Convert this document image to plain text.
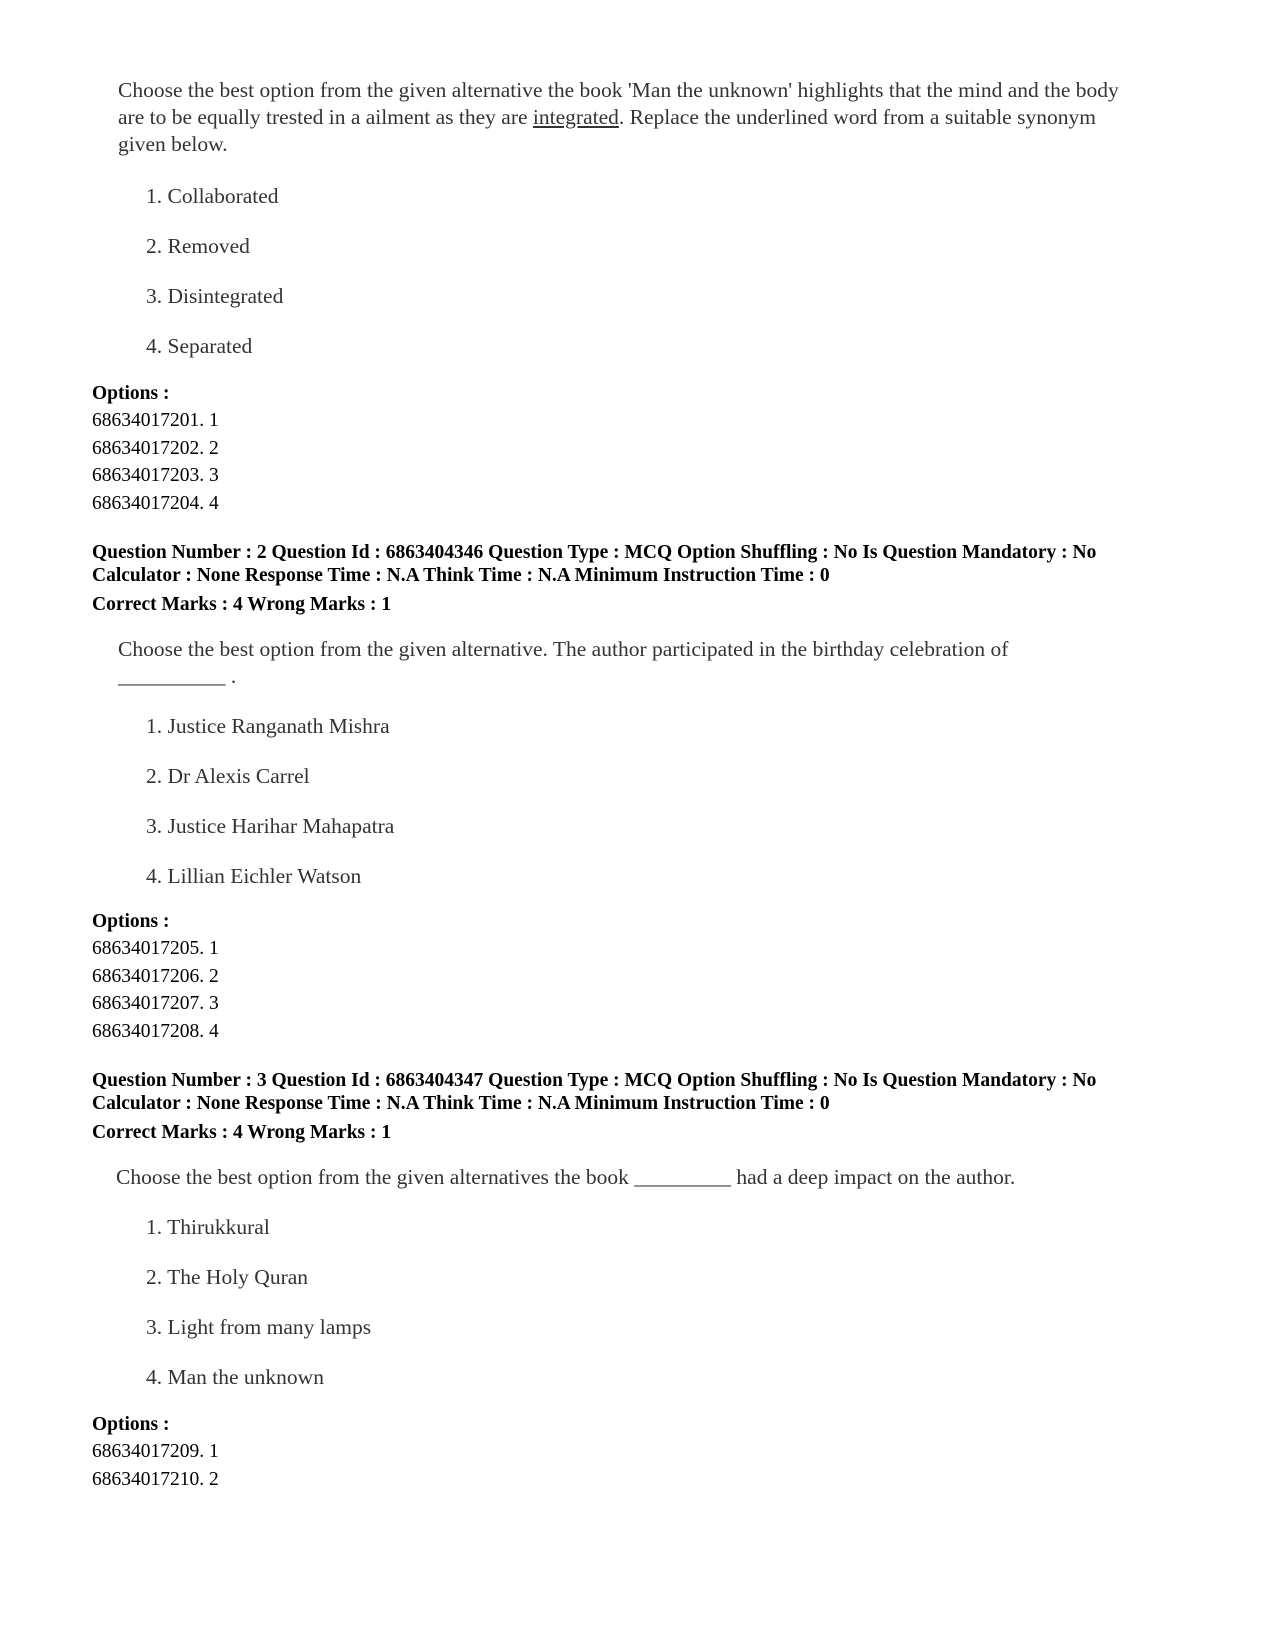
Choose the best option from the given alternative the book 'Man the unknown' highlights that the mind and the body are to be equally trested in a ailment as they are integrated. Replace the underlined word from a suitable synonym given below.
1. Collaborated
2. Removed
3. Disintegrated
4. Separated
Options :
68634017201. 1
68634017202. 2
68634017203. 3
68634017204. 4
Question Number : 2 Question Id : 6863404346 Question Type : MCQ Option Shuffling : No Is Question Mandatory : No
Calculator : None Response Time : N.A Think Time : N.A Minimum Instruction Time : 0
Correct Marks : 4 Wrong Marks : 1
Choose the best option from the given alternative. The author participated in the birthday celebration of
__________ .
1. Justice Ranganath Mishra
2. Dr Alexis Carrel
3. Justice Harihar Mahapatra
4. Lillian Eichler Watson
Options :
68634017205. 1
68634017206. 2
68634017207. 3
68634017208. 4
Question Number : 3 Question Id : 6863404347 Question Type : MCQ Option Shuffling : No Is Question Mandatory : No
Calculator : None Response Time : N.A Think Time : N.A Minimum Instruction Time : 0
Correct Marks : 4 Wrong Marks : 1
Choose the best option from the given alternatives the book _________ had a deep impact on the author.
1. Thirukkural
2. The Holy Quran
3. Light from many lamps
4. Man the unknown
Options :
68634017209. 1
68634017210. 2
